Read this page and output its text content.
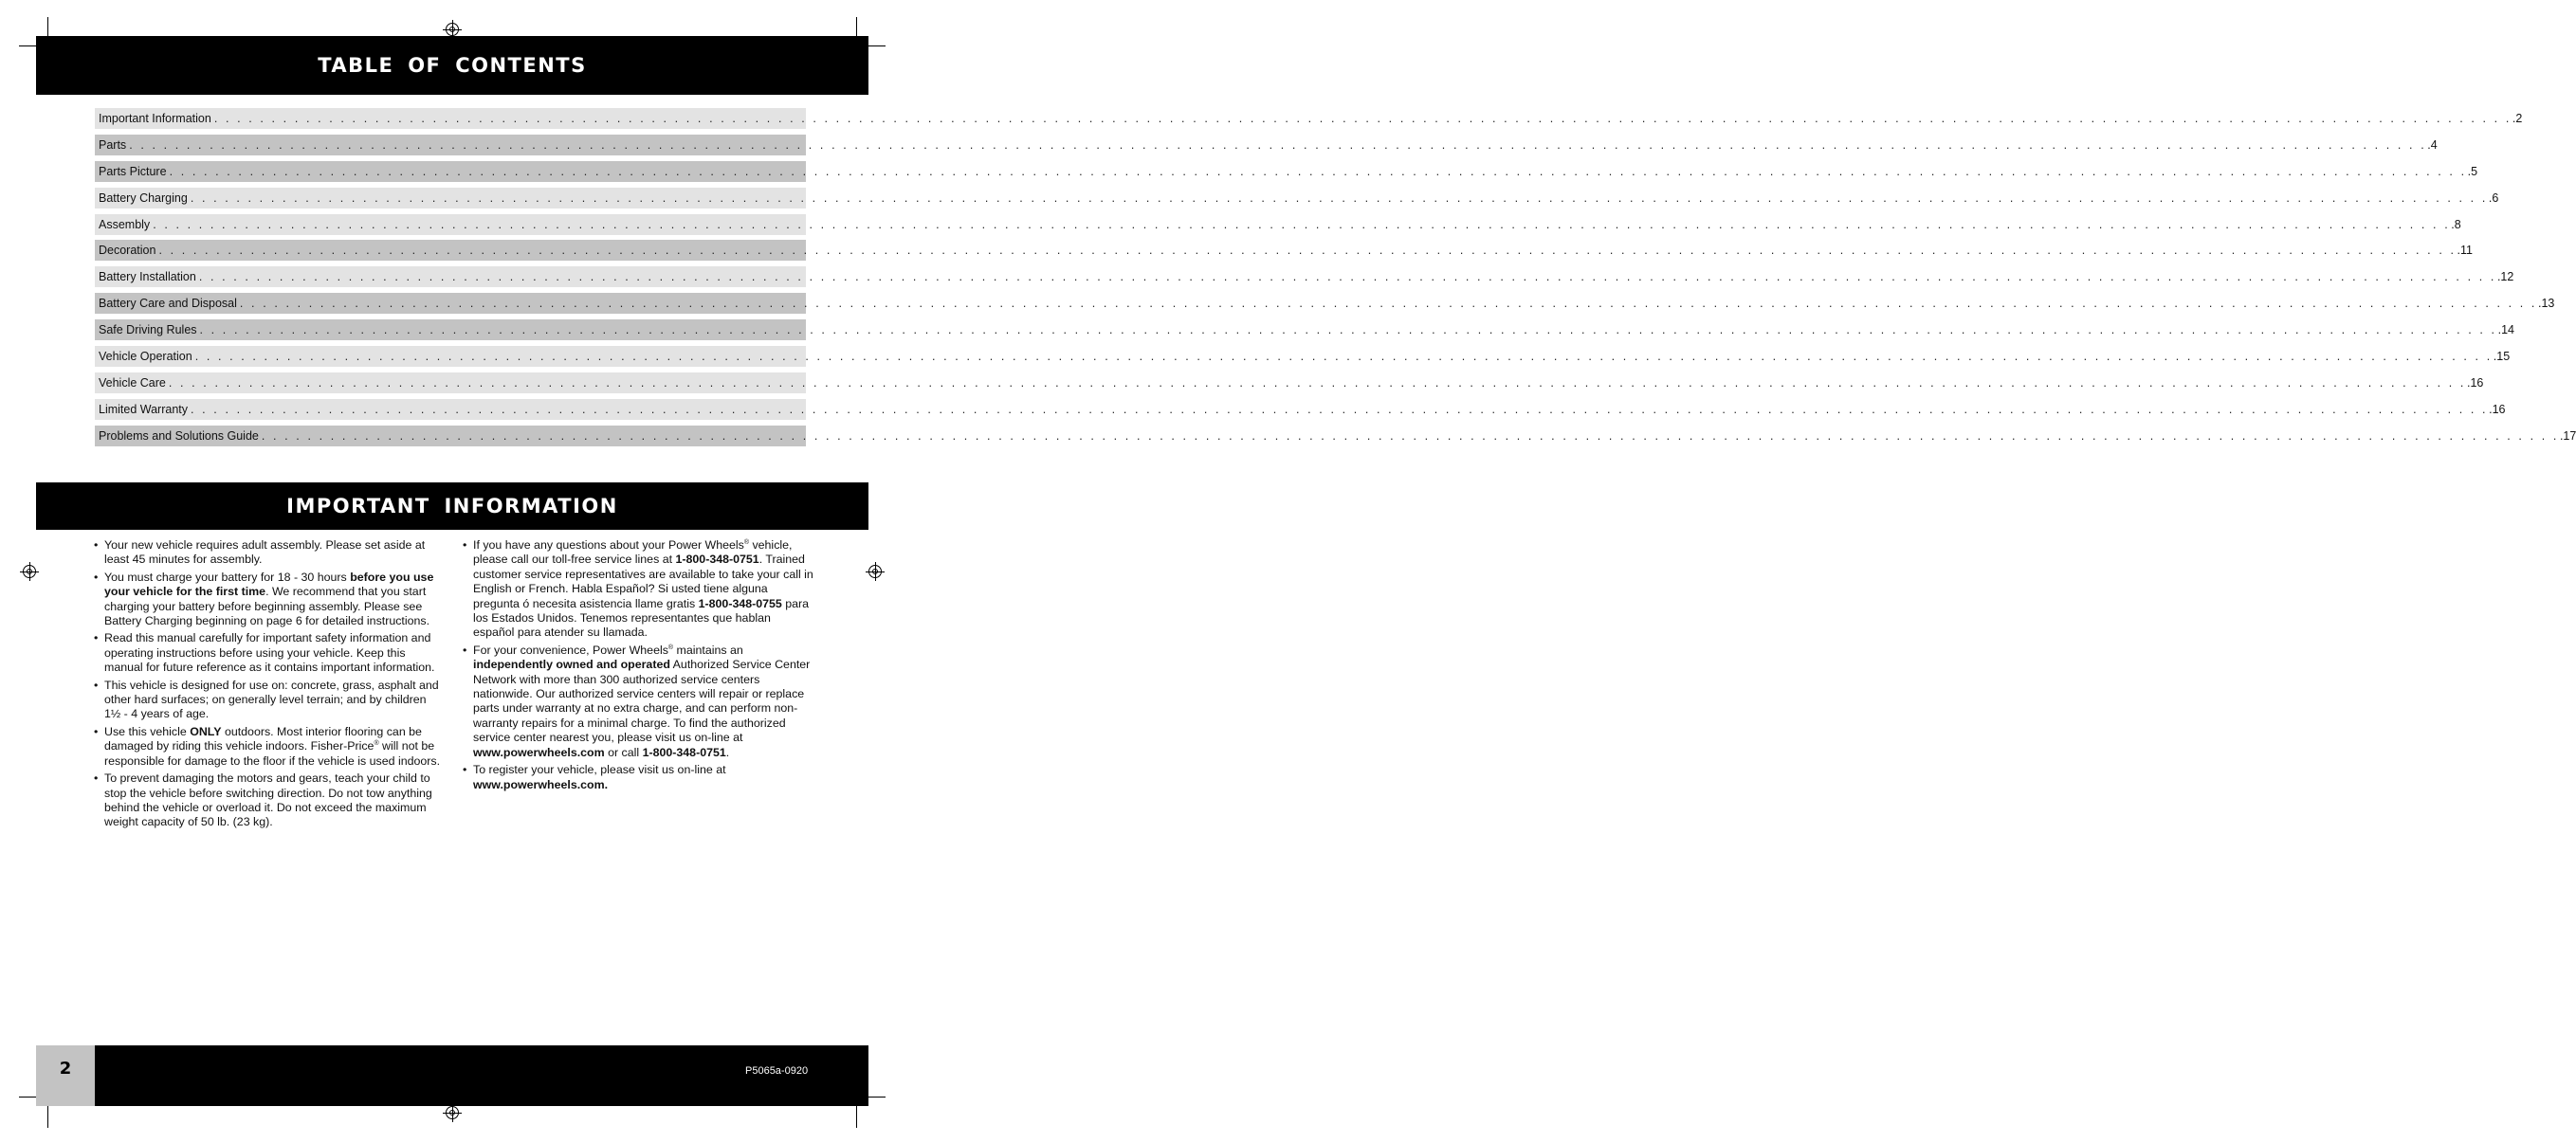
TABLE OF CONTENTS
Important Information . . . . . . . . . . . . . . . . . . . . . . . . . . . . . . . . . . . . . . . . . . . . . . . . . . . . . . . . . . . . . . . . . . . . . . . . . . . . . . . . . . . . . . . . . . . . . . . . . . . . . . . . . . . . . . . . . . . . . . . . . . . . . . . . . . . . . . . . . . . . . . . . . . . . . . . . . . . . . . . . . . . . . . . . . . . . . . . . . . . . . . . . . . . . . . . . . . . . . . . . .2
Parts . . . . . . . . . . . . . . . . . . . . . . . . . . . . . . . . . . . . . . . . . . . . . . . . . . . . . . . . . . . . . . . . . . . . . . . . . . . . . . . . . . . . . . . . . . . . . . . . . . . . . . . . . . . . . . . . . . . . . . . . . . . . . . . . . . . . . . . . . . . . . . . . . . . . . . . . . . . . . . . . . . . . . . . . . . . . . . . . . . . . . . . . . . . . . . . . . . . . . . . . .4
Parts Picture . . . . . . . . . . . . . . . . . . . . . . . . . . . . . . . . . . . . . . . . . . . . . . . . . . . . . . . . . . . . . . . . . . . . . . . . . . . . . . . . . . . . . . . . . . . . . . . . . . . . . . . . . . . . . . . . . . . . . . . . . . . . . . . . . . . . . . . . . . . . . . . . . . . . . . . . . . . . . . . . . . . . . . . . . . . . . . . . . . . . . . . . . . . . . . . . . . . . . . . . .5
Battery Charging . . . . . . . . . . . . . . . . . . . . . . . . . . . . . . . . . . . . . . . . . . . . . . . . . . . . . . . . . . . . . . . . . . . . . . . . . . . . . . . . . . . . . . . . . . . . . . . . . . . . . . . . . . . . . . . . . . . . . . . . . . . . . . . . . . . . . . . . . . . . . . . . . . . . . . . . . . . . . . . . . . . . . . . . . . . . . . . . . . . . . . . . . . . . . . . . . . . . . . . . .6
Assembly . . . . . . . . . . . . . . . . . . . . . . . . . . . . . . . . . . . . . . . . . . . . . . . . . . . . . . . . . . . . . . . . . . . . . . . . . . . . . . . . . . . . . . . . . . . . . . . . . . . . . . . . . . . . . . . . . . . . . . . . . . . . . . . . . . . . . . . . . . . . . . . . . . . . . . . . . . . . . . . . . . . . . . . . . . . . . . . . . . . . . . . . . . . . . . . . . . . . . . . . .8
Decoration . . . . . . . . . . . . . . . . . . . . . . . . . . . . . . . . . . . . . . . . . . . . . . . . . . . . . . . . . . . . . . . . . . . . . . . . . . . . . . . . . . . . . . . . . . . . . . . . . . . . . . . . . . . . . . . . . . . . . . . . . . . . . . . . . . . . . . . . . . . . . . . . . . . . . . . . . . . . . . . . . . . . . . . . . . . . . . . . . . . . . . . . . . . . . . . . . . . . . . . . .11
Battery Installation . . . . . . . . . . . . . . . . . . . . . . . . . . . . . . . . . . . . . . . . . . . . . . . . . . . . . . . . . . . . . . . . . . . . . . . . . . . . . . . . . . . . . . . . . . . . . . . . . . . . . . . . . . . . . . . . . . . . . . . . . . . . . . . . . . . . . . . . . . . . . . . . . . . . . . . . . . . . . . . . . . . . . . . . . . . . . . . . . . . . . . . . . . . . . . . . . . . . . . . . .12
Battery Care and Disposal . . . . . . . . . . . . . . . . . . . . . . . . . . . . . . . . . . . . . . . . . . . . . . . . . . . . . . . . . . . . . . . . . . . . . . . . . . . . . . . . . . . . . . . . . . . . . . . . . . . . . . . . . . . . . . . . . . . . . . . . . . . . . . . . . . . . . . . . . . . . . . . . . . . . . . . . . . . . . . . . . . . . . . . . . . . . . . . . . . . . . . . . . . . . . . . . . . . . . . . . .13
Safe Driving Rules . . . . . . . . . . . . . . . . . . . . . . . . . . . . . . . . . . . . . . . . . . . . . . . . . . . . . . . . . . . . . . . . . . . . . . . . . . . . . . . . . . . . . . . . . . . . . . . . . . . . . . . . . . . . . . . . . . . . . . . . . . . . . . . . . . . . . . . . . . . . . . . . . . . . . . . . . . . . . . . . . . . . . . . . . . . . . . . . . . . . . . . . . . . . . . . . . . . . . . . . .14
Vehicle Operation . . . . . . . . . . . . . . . . . . . . . . . . . . . . . . . . . . . . . . . . . . . . . . . . . . . . . . . . . . . . . . . . . . . . . . . . . . . . . . . . . . . . . . . . . . . . . . . . . . . . . . . . . . . . . . . . . . . . . . . . . . . . . . . . . . . . . . . . . . . . . . . . . . . . . . . . . . . . . . . . . . . . . . . . . . . . . . . . . . . . . . . . . . . . . . . . . . . . . . . . .15
Vehicle Care . . . . . . . . . . . . . . . . . . . . . . . . . . . . . . . . . . . . . . . . . . . . . . . . . . . . . . . . . . . . . . . . . . . . . . . . . . . . . . . . . . . . . . . . . . . . . . . . . . . . . . . . . . . . . . . . . . . . . . . . . . . . . . . . . . . . . . . . . . . . . . . . . . . . . . . . . . . . . . . . . . . . . . . . . . . . . . . . . . . . . . . . . . . . . . . . . . . . . . . . .16
Limited Warranty . . . . . . . . . . . . . . . . . . . . . . . . . . . . . . . . . . . . . . . . . . . . . . . . . . . . . . . . . . . . . . . . . . . . . . . . . . . . . . . . . . . . . . . . . . . . . . . . . . . . . . . . . . . . . . . . . . . . . . . . . . . . . . . . . . . . . . . . . . . . . . . . . . . . . . . . . . . . . . . . . . . . . . . . . . . . . . . . . . . . . . . . . . . . . . . . . . . . . . . . .16
Problems and Solutions Guide . . . . . . . . . . . . . . . . . . . . . . . . . . . . . . . . . . . . . . . . . . . . . . . . . . . . . . . . . . . . . . . . . . . . . . . . . . . . . . . . . . . . . . . . . . . . . . . . . . . . . . . . . . . . . . . . . . . . . . . . . . . . . . . . . . . . . . . . . . . . . . . . . . . . . . . . . . . . . . . . . . . . . . . . . . . . . . . . . . . . . . . . . . . . . . . . . . . . . . . . .17
IMPORTANT INFORMATION
• Your new vehicle requires adult assembly. Please set aside at least 45 minutes for assembly.
• You must charge your battery for 18 - 30 hours before you use your vehicle for the first time. We recommend that you start charging your battery before beginning assembly. Please see Battery Charging beginning on page 6 for detailed instructions.
• Read this manual carefully for important safety information and operating instructions before using your vehicle. Keep this manual for future reference as it contains important information.
• This vehicle is designed for use on: concrete, grass, asphalt and other hard surfaces; on generally level terrain; and by children 1½ - 4 years of age.
• Use this vehicle ONLY outdoors. Most interior flooring can be damaged by riding this vehicle indoors. Fisher-Price® will not be responsible for damage to the floor if the vehicle is used indoors.
• To prevent damaging the motors and gears, teach your child to stop the vehicle before switching direction. Do not tow anything behind the vehicle or overload it. Do not exceed the maximum weight capacity of 50 lb. (23 kg).
• If you have any questions about your Power Wheels® vehicle, please call our toll-free service lines at 1-800-348-0751. Trained customer service representatives are available to take your call in English or French. Habla Español? Si usted tiene alguna pregunta ó necesita asistencia llame gratis 1-800-348-0755 para los Estados Unidos. Tenemos representantes que hablan español para atender su llamada.
• For your convenience, Power Wheels® maintains an independently owned and operated Authorized Service Center Network with more than 300 authorized service centers nationwide. Our authorized service centers will repair or replace parts under warranty at no extra charge, and can perform non-warranty repairs for a minimal charge. To find the authorized service center nearest you, please visit us on-line at www.powerwheels.com or call 1-800-348-0751.
• To register your vehicle, please visit us on-line at www.powerwheels.com.
2	P5065a-0920
